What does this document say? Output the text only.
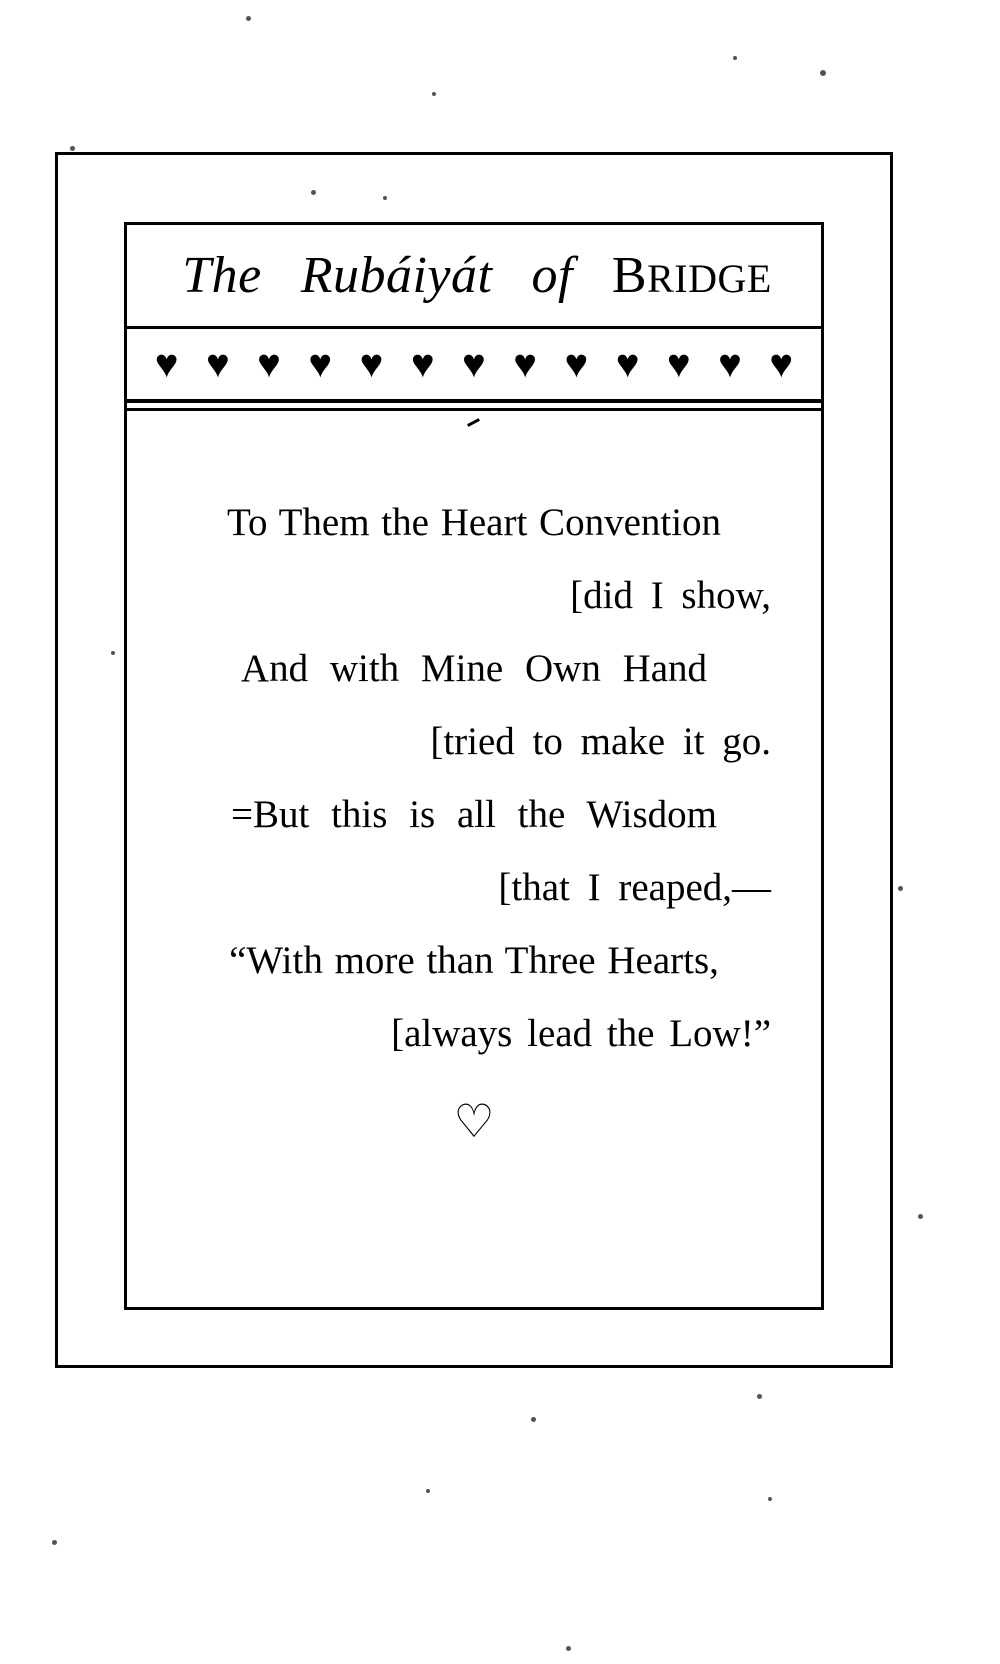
The Rubáiyát of BRIDGE
♥ ♥ ♥ ♥ ♥ ♥ ♥ ♥ ♥ ♥ ♥ ♥ ♥
To Them the Heart Convention
[did I show,
And with Mine Own Hand
[tried to make it go.
=But this is all the Wisdom
[that I reaped,—
“With more than Three Hearts,
[always lead the Low!”
♡
